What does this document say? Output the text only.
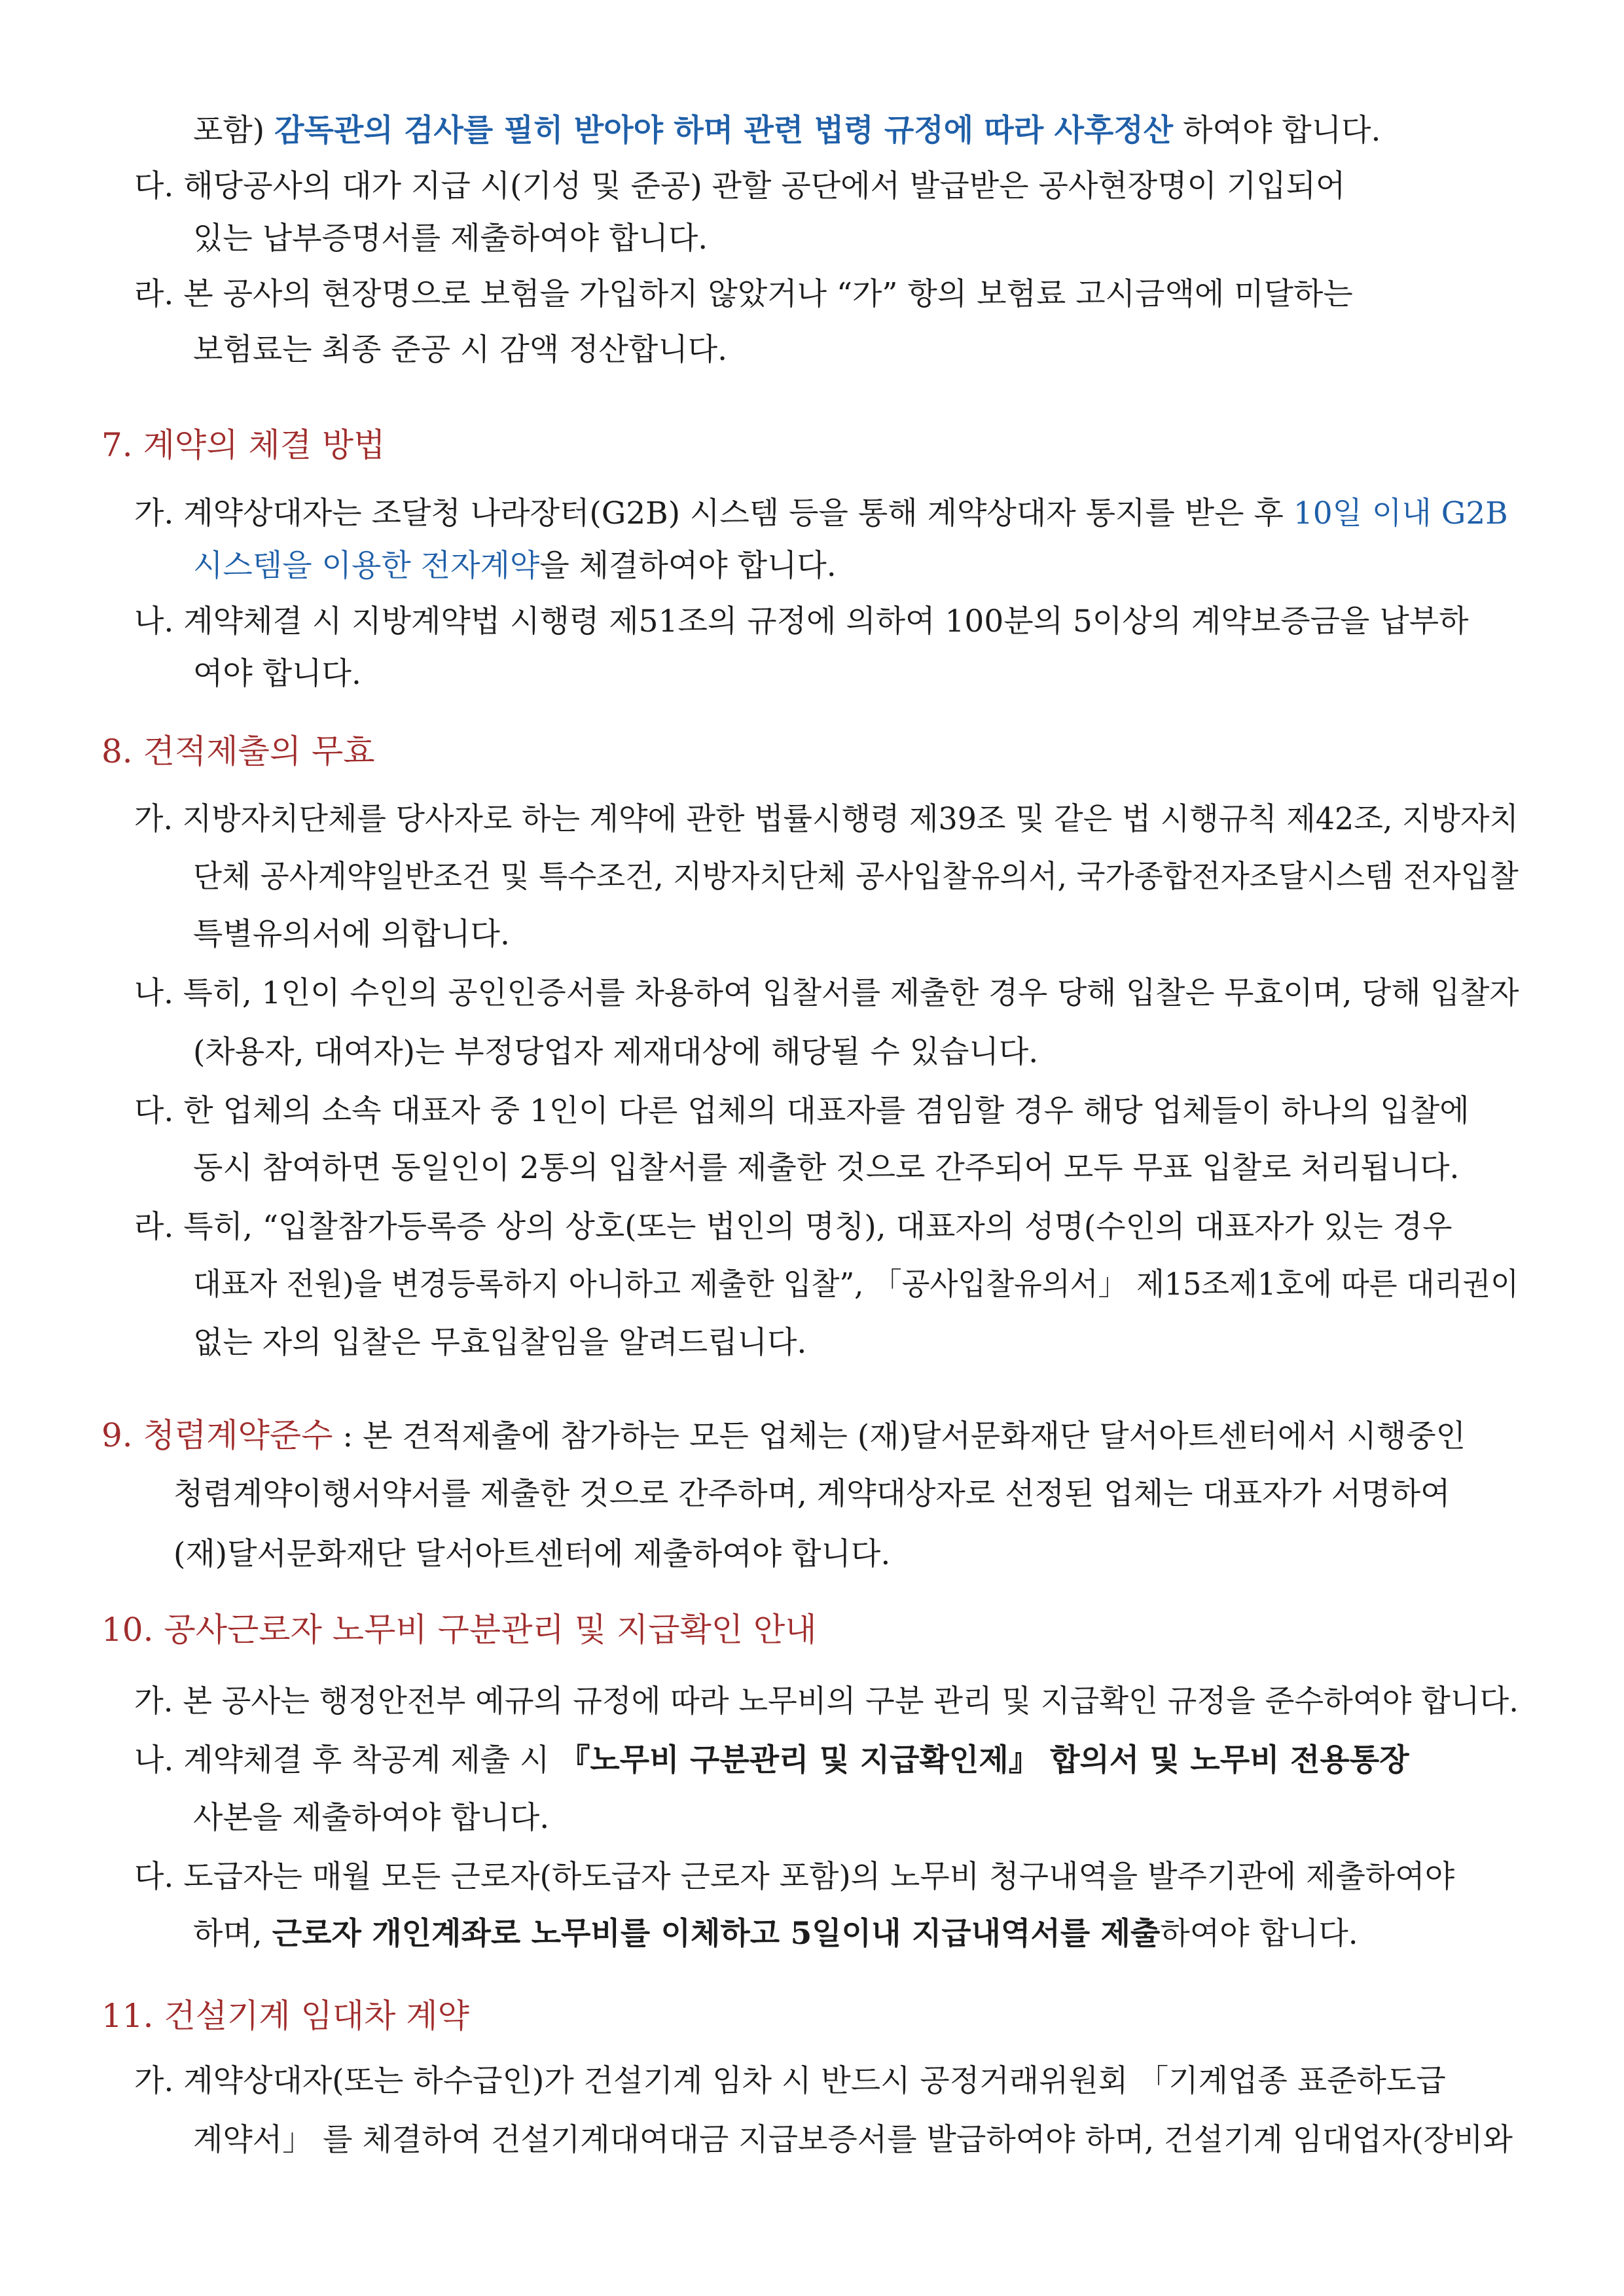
포함) 감독관의 검사를 필히 받아야 하며 관련 법령 규정에 따라 사후정산 하여야 합니다.
다. 해당공사의 대가 지급 시(기성 및 준공) 관할 공단에서 발급받은 공사현장명이 기입되어
있는 납부증명서를 제출하여야 합니다.
라. 본 공사의 현장명으로 보험을 가입하지 않았거나 “가” 항의 보험료 고시금액에 미달하는
보험료는 최종 준공 시 감액 정산합니다.
7. 계약의 체결 방법
가. 계약상대자는 조달청 나라장터(G2B) 시스템 등을 통해 계약상대자 통지를 받은 후 10일 이내 G2B
시스템을 이용한 전자계약을 체결하여야 합니다.
나. 계약체결 시 지방계약법 시행령 제51조의 규정에 의하여 100분의 5이상의 계약보증금을 납부하
여야 합니다.
8. 견적제출의 무효
가. 지방자치단체를 당사자로 하는 계약에 관한 법률시행령 제39조 및 같은 법 시행규칙 제42조, 지방자치
단체 공사계약일반조건 및 특수조건, 지방자치단체 공사입찰유의서, 국가종합전자조달시스템 전자입찰
특별유의서에 의합니다.
나. 특히, 1인이 수인의 공인인증서를 차용하여 입찰서를 제출한 경우 당해 입찰은 무효이며, 당해 입찰자
(차용자, 대여자)는 부정당업자 제재대상에 해당될 수 있습니다.
다. 한 업체의 소속 대표자 중 1인이 다른 업체의 대표자를 겸임할 경우 해당 업체들이 하나의 입찰에
동시 참여하면 동일인이 2통의 입찰서를 제출한 것으로 간주되어 모두 무표 입찰로 처리됩니다.
라. 특히, “입찰참가등록증 상의 상호(또는 법인의 명칭), 대표자의 성명(수인의 대표자가 있는 경우
대표자 전원)을 변경등록하지 아니하고 제출한 입찰”, 「공사입찰유의서」 제15조제1호에 따른 대리권이
없는 자의 입찰은 무효입찰임을 알려드립니다.
9. 청렴계약준수 : 본 견적제출에 참가하는 모든 업체는 (재)달서문화재단 달서아트센터에서 시행중인
청렴계약이행서약서를 제출한 것으로 간주하며, 계약대상자로 선정된 업체는 대표자가 서명하여
(재)달서문화재단 달서아트센터에 제출하여야 합니다.
10. 공사근로자 노무비 구분관리 및 지급확인 안내
가. 본 공사는 행정안전부 예규의 규정에 따라 노무비의 구분 관리 및 지급확인 규정을 준수하여야 합니다.
나. 계약체결 후 착공계 제출 시 『노무비 구분관리 및 지급확인제』 합의서 및 노무비 전용통장
사본을 제출하여야 합니다.
다. 도급자는 매월 모든 근로자(하도급자 근로자 포함)의 노무비 청구내역을 발주기관에 제출하여야
하며, 근로자 개인계좌로 노무비를 이체하고 5일이내 지급내역서를 제출하여야 합니다.
11. 건설기계 임대차 계약
가. 계약상대자(또는 하수급인)가 건설기계 임차 시 반드시 공정거래위원회 「기계업종 표준하도급
계약서」 를 체결하여 건설기계대여대금 지급보증서를 발급하여야 하며, 건설기계 임대업자(장비와
